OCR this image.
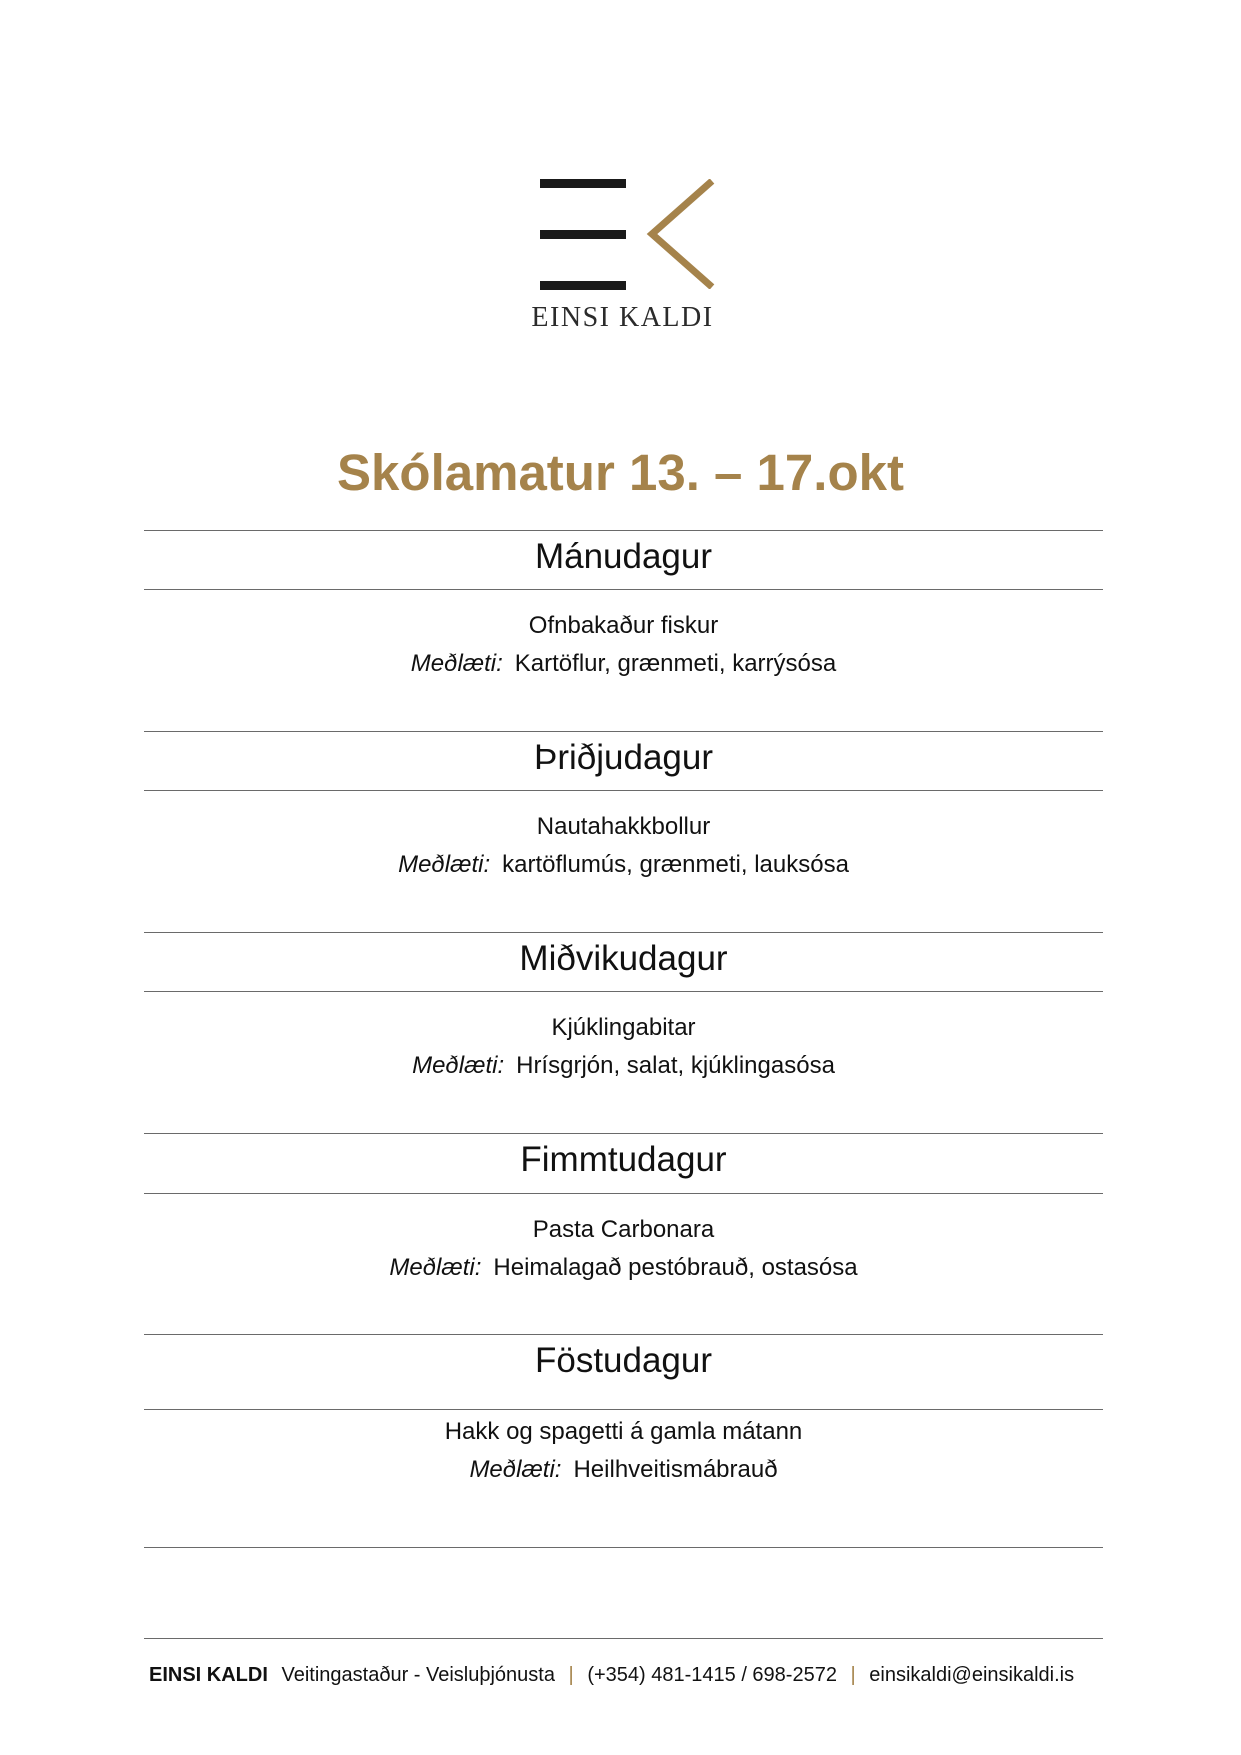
EINSI KALDI
Skólamatur 13. – 17.okt
Mánudagur
Ofnbakaður fiskur
Meðlæti: Kartöflur, grænmeti, karrýsósa
Þriðjudagur
Nautahakkbollur
Meðlæti: kartöflumús, grænmeti, lauksósa
Miðvikudagur
Kjúklingabitar
Meðlæti: Hrísgrjón, salat, kjúklingasósa
Fimmtudagur
Pasta Carbonara
Meðlæti: Heimalagað pestóbrauð, ostasósa
Föstudagur
Hakk og spagetti á gamla mátann
Meðlæti: Heilhveitismábrauð
EINSI KALDI Veitingastaður - Veisluþjónusta | (+354) 481-1415 / 698-2572 | einsikaldi@einsikaldi.is
